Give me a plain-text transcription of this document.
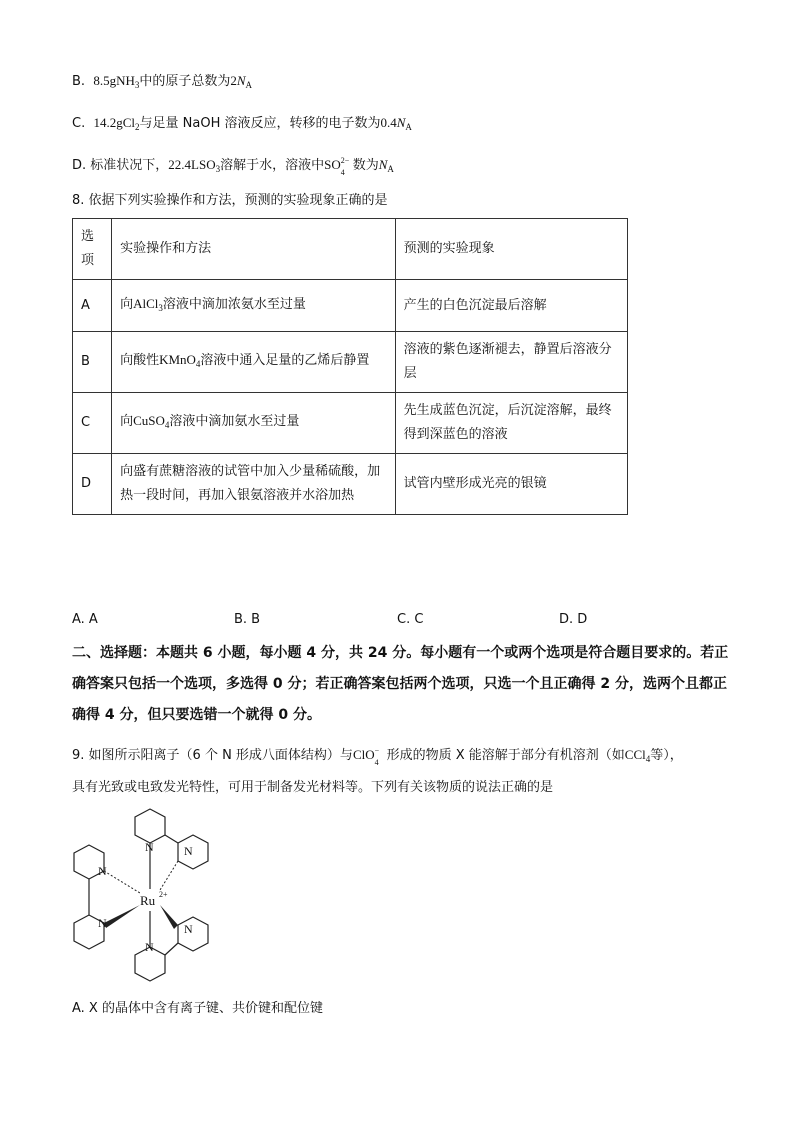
B. 8.5gNH$_3$中的原子总数为$2N_A$
C. 14.2gCl$_2$与足量 NaOH 溶液反应，转移的电子数为$0.4N_A$
D. 标准状况下，$22.4LSO_3$溶解于水，溶液中SO 2−
4 数为$N_A$
8. 依据下列实验操作和方法，预测的实验现象正确的是
选项	实验操作和方法	预测的实验现象
A	向AlCl$_3$溶液中滴加浓氨水至过量	产生的白色沉淀最后溶解
B	向酸性KMnO$_4$溶液中通入足量的乙烯后静置	溶液的紫色逐渐褪去，静置后溶液分层
C	向CuSO$_4$溶液中滴加氨水至过量	先生成蓝色沉淀，后沉淀溶解，最终得到深蓝色的溶液
D	向盛有蔗糖溶液的试管中加入少量稀硫酸，加热一段时间，再加入银氨溶液并水浴加热	试管内壁形成光亮的银镜
A. A	B. B	C. C	D. D
二、选择题：本题共 6 小题，每小题 4 分，共 24 分。每小题有一个或两个选项是符合题目要求的。若正确答案只包括一个选项，多选得 0 分；若正确答案包括两个选项，只选一个且正确得 2 分，选两个且都正确得 4 分，但只要选错一个就得 0 分。
9. 如图所示阳离子（6 个 N 形成八面体结构）与ClO −
4 形成的物质 X 能溶解于部分有机溶剂（如CCl$_4$等），
具有光致或电致发光特性，可用于制备发光材料等。下列有关该物质的说法正确的是
N	N
N
N	N
N
Ru 2+
A. X 的晶体中含有离子键、共价键和配位键
